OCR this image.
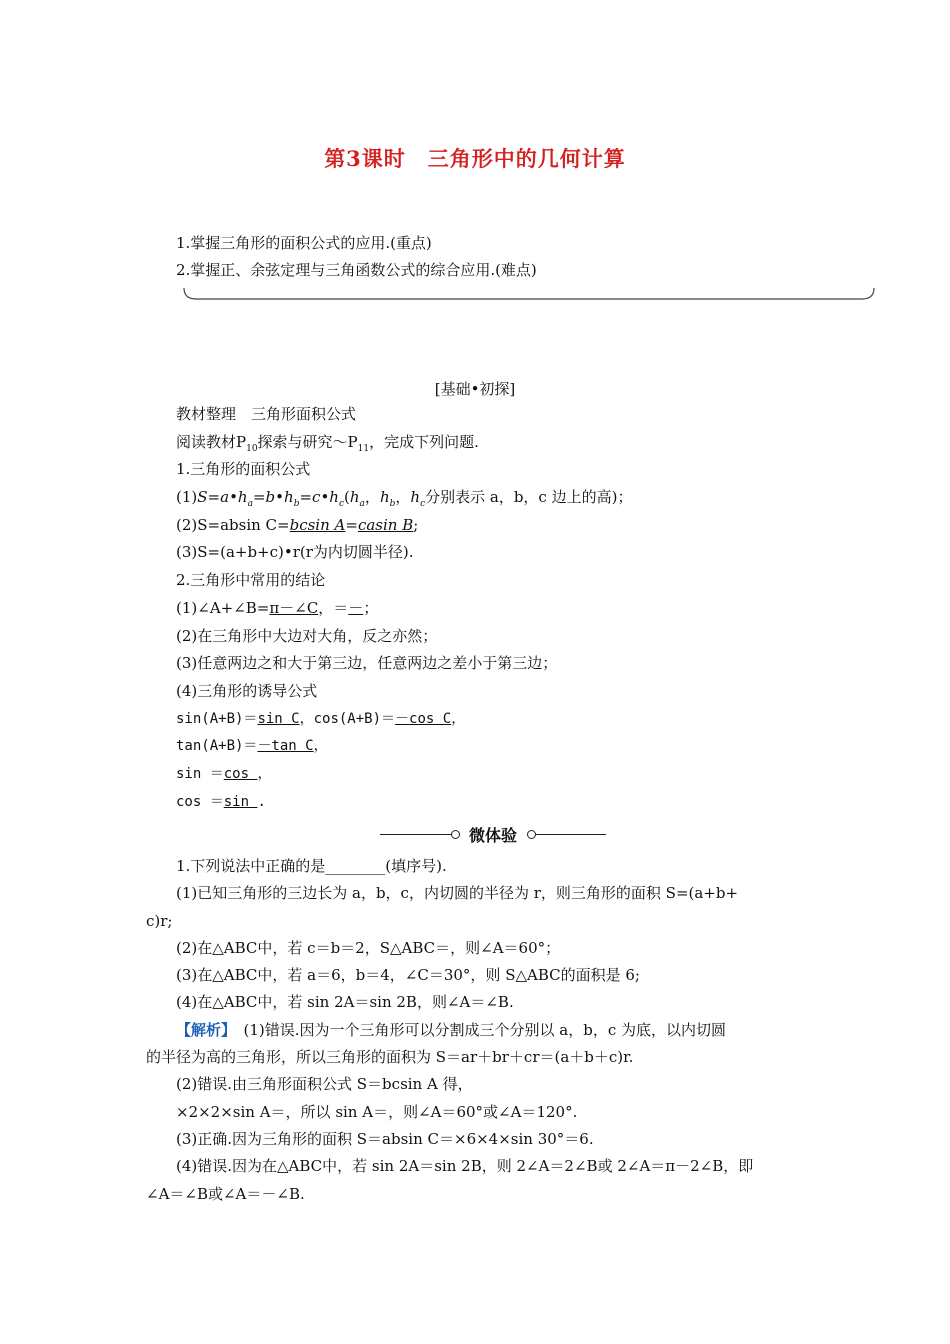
第3课时　三角形中的几何计算
1.掌握三角形的面积公式的应用.(重点)
2.掌握正、余弦定理与三角函数公式的综合应用.(难点)
[基础•初探]
教材整理　三角形面积公式
阅读教材$P_{10}$探索与研究$\sim P_{11}$，完成下列问题.
1.三角形的面积公式
$(1)S=a•h_a=b•h_b=c•h_c(h_a$，$h_b$，$h_c$分别表示 a，b，c 边上的高)；
(2)S=absin C=bcsin A=casin B;
(3)S=(a+b+c)•r(r为内切圆半径).
2.三角形中常用的结论
(1)∠A+∠B=π－∠C，＝－；
(2)在三角形中大边对大角，反之亦然；
(3)任意两边之和大于第三边，任意两边之差小于第三边；
(4)三角形的诱导公式
sin(A+B)＝sin C，cos(A+B)＝－cos C，
tan(A+B)＝－tan C，
sin ＝cos ，
cos ＝sin .
微体验
1.下列说法中正确的是________(填序号).
(1)已知三角形的三边长为 a，b，c，内切圆的半径为 r，则三角形的面积 S=(a+b+
c)r;
(2)在△ABC中，若 c＝b＝2，S△ABC＝，则∠A＝60°；
(3)在△ABC中，若 a＝6，b＝4，∠C＝30°，则 S△ABC的面积是 6;
(4)在△ABC中，若 sin 2A＝sin 2B，则∠A＝∠B.
【解析】　(1)错误.因为一个三角形可以分割成三个分别以 a，b，c 为底，以内切圆
的半径为高的三角形，所以三角形的面积为 S＝ar＋br＋cr＝(a＋b＋c)r.
(2)错误.由三角形面积公式 S＝bcsin A 得，
×2×2×sin A＝，所以 sin A＝，则∠A＝60°或∠A＝120°.
(3)正确.因为三角形的面积 S＝absin C＝×6×4×sin 30°＝6.
(4)错误.因为在△ABC中，若 sin 2A＝sin 2B，则 2∠A＝2∠B或 2∠A＝π－2∠B，即
∠A＝∠B或∠A＝－∠B.
